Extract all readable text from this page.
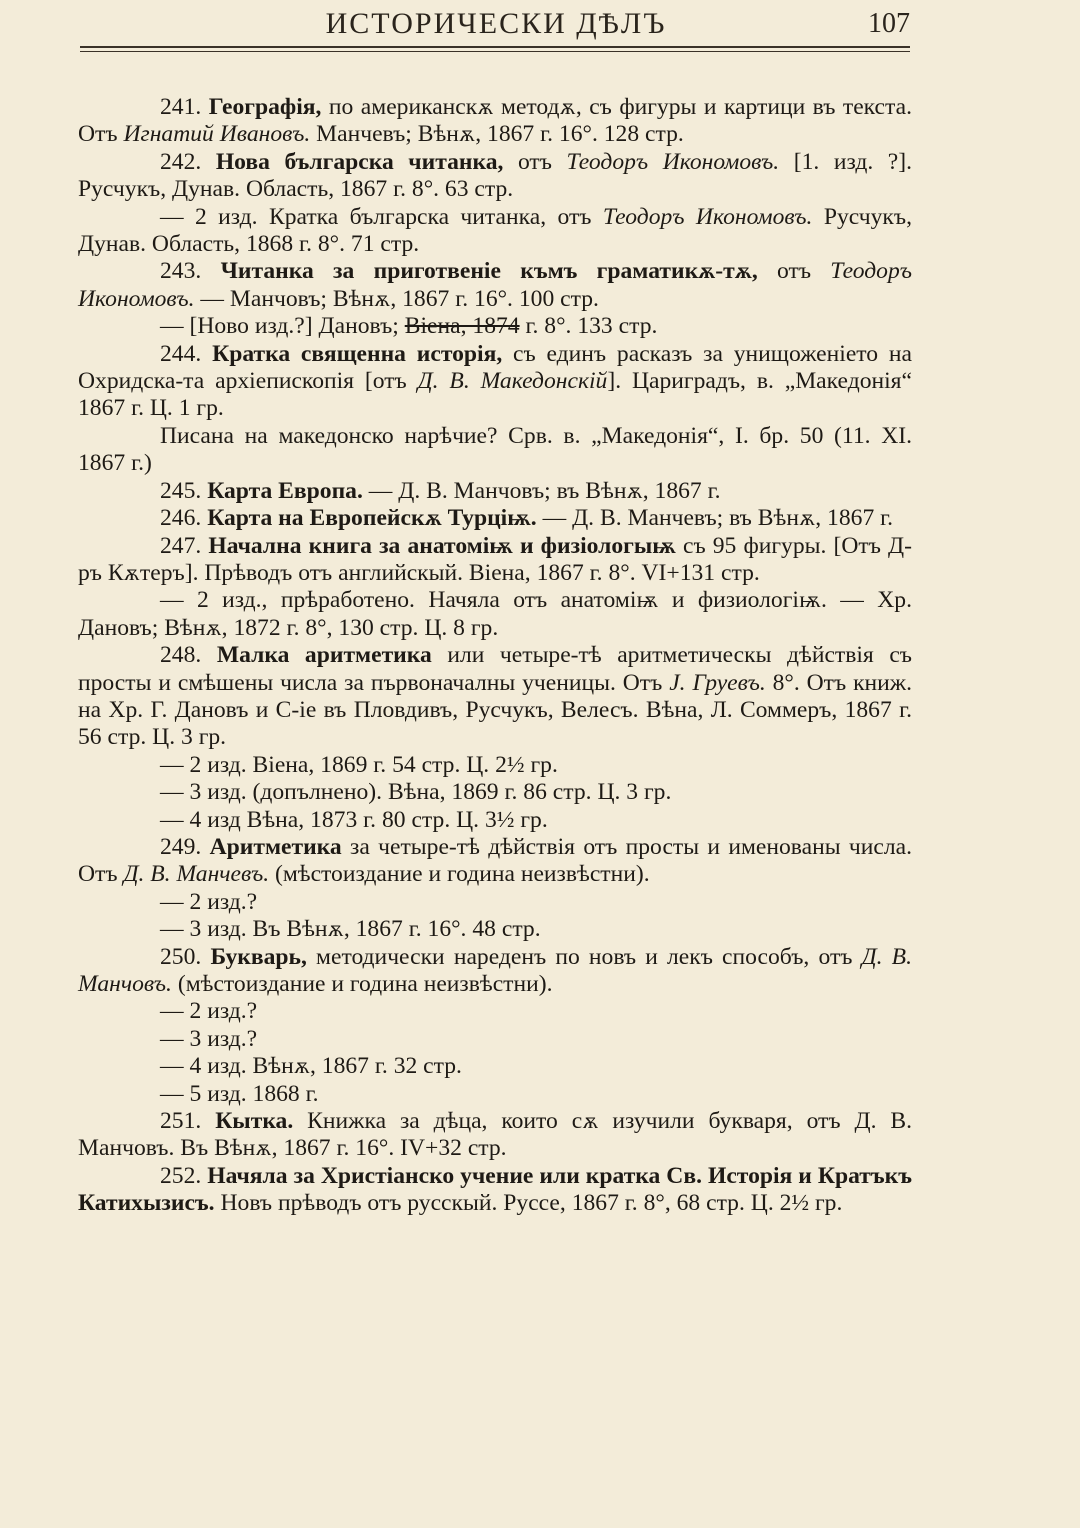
ИСТОРИЧЕСКИ ДѢЛЪ	107

241. Географія, по американскѫ методѫ, съ фигуры и картици въ текста. Отъ Игнатий Ивановъ. Манчевъ; Вѣнѫ, 1867 г. 16°. 128 стр.

242. Нова българска читанка, отъ Теодоръ Икономовъ. [1. изд. ?]. Русчукъ, Дунав. Область, 1867 г. 8°. 63 стр.

— 2 изд. Кратка българска читанка, отъ Теодоръ Икономовъ. Русчукъ, Дунав. Область, 1868 г. 8°. 71 стр.

243. Читанка за приготвеніе къмъ граматикѫ-тѫ, отъ Теодоръ Икономовъ. — Манчовъ; Вѣнѫ, 1867 г. 16°. 100 стр.

— [Ново изд.?] Дановъ; Віена, 1874 г. 8°. 133 стр.

244. Кратка священна исторія, съ единъ расказъ за унищоженіето на Охридска-та архіепископія [отъ Д. В. Македонскій]. Цариградъ, в. „Македонія“ 1867 г. Ц. 1 гр.

Писана на македонско нарѣчие? Срв. в. „Македонія“, I. бр. 50 (11. XI. 1867 г.)

245. Карта Европа. — Д. В. Манчовъ; въ Вѣнѫ, 1867 г.

246. Карта на Европейскѫ Турціѭ. — Д. В. Манчевъ; въ Вѣнѫ, 1867 г.

247. Начална книга за анатоміѭ и физіологыѭ съ 95 фигуры. [Отъ Д-ръ Кѫтеръ]. Прѣводъ отъ английскый. Віена, 1867 г. 8°. VI+131 стр.

— 2 изд., прѣработено. Начяла отъ анатоміѭ и физиологіѭ. — Хр. Дановъ; Вѣнѫ, 1872 г. 8°, 130 стр. Ц. 8 гр.

248. Малка аритметика или четыре-тѣ аритметическы дѣйствія съ просты и смѣшены числа за първоначалны ученицы. Отъ Ј. Груевъ. 8°. Отъ книж. на Хр. Г. Дановъ и С-іе въ Пловдивъ, Русчукъ, Велесъ. Вѣна, Л. Соммеръ, 1867 г. 56 стр. Ц. 3 гр.

— 2 изд. Віена, 1869 г. 54 стр. Ц. 2½ гр.

— 3 изд. (допълнено). Вѣна, 1869 г. 86 стр. Ц. 3 гр.

— 4 изд Вѣна, 1873 г. 80 стр. Ц. 3½ гр.

249. Аритметика за четыре-тѣ дѣйствія отъ просты и именованы числа. Отъ Д. В. Манчевъ. (мѣстоиздание и година неизвѣстни).

— 2 изд.?

— 3 изд. Въ Вѣнѫ, 1867 г. 16°. 48 стр.

250. Букварь, методически нареденъ по новъ и лекъ способъ, отъ Д. В. Манчовъ. (мѣстоиздание и година неизвѣстни).

— 2 изд.?

— 3 изд.?

— 4 изд. Вѣнѫ, 1867 г. 32 стр.

— 5 изд. 1868 г.

251. Кытка. Книжка за дѣца, които сѫ изучили букваря, отъ Д. В. Манчовъ. Въ Вѣнѫ, 1867 г. 16°. IV+32 стр.

252. Начяла за Христіанско учение или кратка Св. Исторія и Кратъкъ Катихызисъ. Новъ прѣводъ отъ русскый. Руссе, 1867 г. 8°, 68 стр. Ц. 2½ гр.
